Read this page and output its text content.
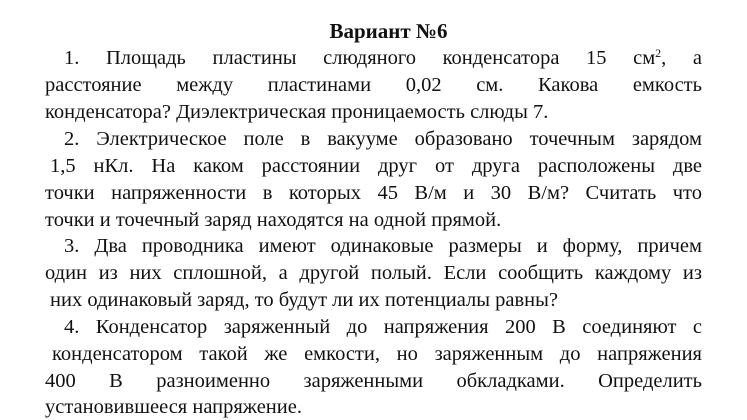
Вариант №6
1. Площадь пластины слюдяного конденсатора 15 $см^2$, а
расстояние между пластинами 0,02 см. Какова емкость
конденсатора? Диэлектрическая проницаемость слюды 7.
2. Электрическое поле в вакууме образовано точечным зарядом
1,5 нКл. На каком расстоянии друг от друга расположены две
точки напряженности в которых 45 В/м и 30 В/м? Считать что
точки и точечный заряд находятся на одной прямой.
3. Два проводника имеют одинаковые размеры и форму, причем
один из них сплошной, а другой полый. Если сообщить каждому из
них одинаковый заряд, то будут ли их потенциалы равны?
4. Конденсатор заряженный до напряжения 200 В соединяют с
конденсатором такой же емкости, но заряженным до напряжения
400 В разноименно заряженными обкладками. Определить
установившееся напряжение.
